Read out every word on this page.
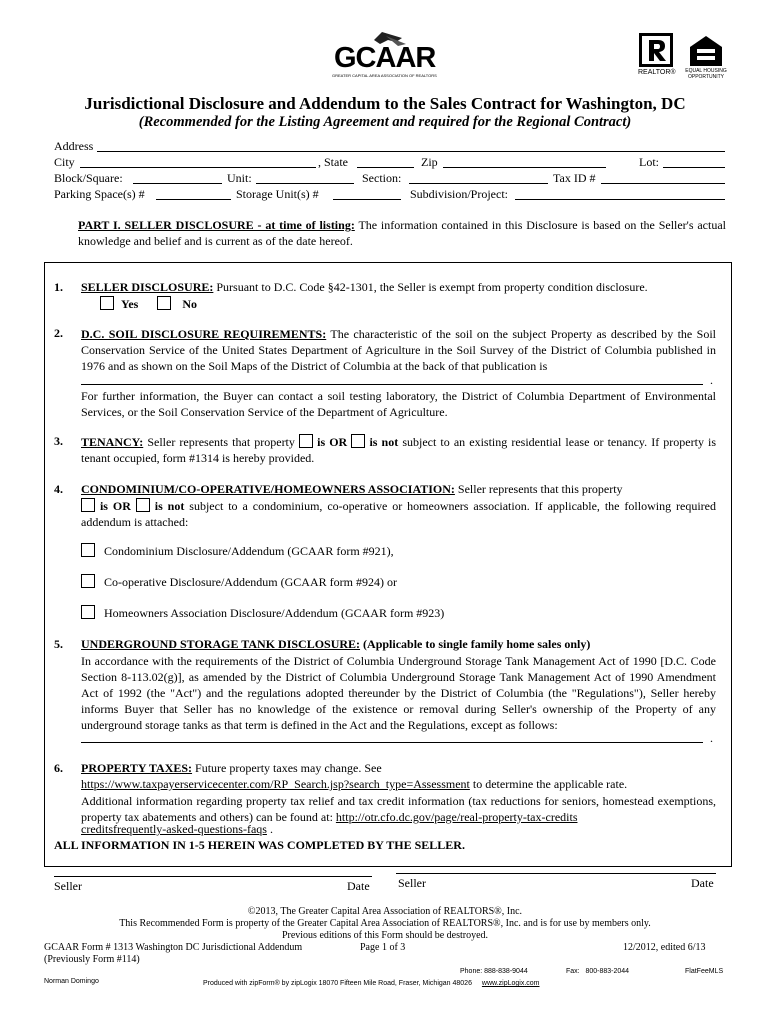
GCAAR
GREATER CAPITAL AREA ASSOCIATION OF REALTORS	REALTOR® EQUAL HOUSING OPPORTUNITY
Jurisdictional Disclosure and Addendum to the Sales Contract for Washington, DC
(Recommended for the Listing Agreement and required for the Regional Contract)
Address
City	, State	Zip	Lot:
Block/Square:	Unit:	Section:	Tax ID #
Parking Space(s) #	Storage Unit(s) #	Subdivision/Project:

PART I. SELLER DISCLOSURE - at time of listing: The information contained in this Disclosure is based on the Seller's actual knowledge and belief and is current as of the date hereof.

1. SELLER DISCLOSURE: Pursuant to D.C. Code §42-1301, the Seller is exempt from property condition disclosure.

Yes	No
2. D.C. SOIL DISCLOSURE REQUIREMENTS: The characteristic of the soil on the subject Property as described by the Soil Conservation Service of the United States Department of Agriculture in the Soil Survey of the District of Columbia published in 1976 and as shown on the Soil Maps of the District of Columbia at the back of that publication is

.

For further information, the Buyer can contact a soil testing laboratory, the District of Columbia Department of Environmental Services, or the Soil Conservation Service of the Department of Agriculture.

3. TENANCY: Seller represents that property is OR is not subject to an existing residential lease or tenancy. If property is tenant occupied, form #1314 is hereby provided.

4. CONDOMINIUM/CO-OPERATIVE/HOMEOWNERS ASSOCIATION: Seller represents that this property

is OR is not subject to a condominium, co-operative or homeowners association. If applicable, the following required addendum is attached:

Condominium Disclosure/Addendum (GCAAR form #921),
Co-operative Disclosure/Addendum (GCAAR form #924) or
Homeowners Association Disclosure/Addendum (GCAAR form #923)
5. UNDERGROUND STORAGE TANK DISCLOSURE: (Applicable to single family home sales only)

In accordance with the requirements of the District of Columbia Underground Storage Tank Management Act of 1990 [D.C. Code Section 8-113.02(g)], as amended by the District of Columbia Underground Storage Tank Management Act of 1990 Amendment Act of 1992 (the "Act") and the regulations adopted thereunder by the District of Columbia (the "Regulations"), Seller hereby informs Buyer that Seller has no knowledge of the existence or removal during Seller's ownership of the Property of any underground storage tanks as that term is defined in the Act and the Regulations, except as follows:

.
6. PROPERTY TAXES: Future property taxes may change. See

https://www.taxpayerservicecenter.com/RP_Search.jsp?search_type=Assessment to determine the applicable rate.

Additional information regarding property tax relief and tax credit information (tax reductions for seniors, homestead exemptions, property tax abatements and others) can be found at: http://otr.cfo.dc.gov/page/real-property-tax-credits

creditsfrequently-asked-questions-faqs .

ALL INFORMATION IN 1-5 HEREIN WAS COMPLETED BY THE SELLER.
Seller	Date Seller	Date
©2013, The Greater Capital Area Association of REALTORS®, Inc.
This Recommended Form is property of the Greater Capital Area Association of REALTORS®, Inc. and is for use by members only.
Previous editions of this Form should be destroyed.
GCAAR Form # 1313 Washington DC Jurisdictional Addendum
(Previously Form #114)
Page 1 of 3	12/2012, edited 6/13
Phone: 888-838-9044	Fax:   800-883-2044	FlatFeeMLS
Norman Domingo	Produced with zipForm® by zipLogix 18070 Fifteen Mile Road, Fraser, Michigan 48026 www.zipLogix.com
